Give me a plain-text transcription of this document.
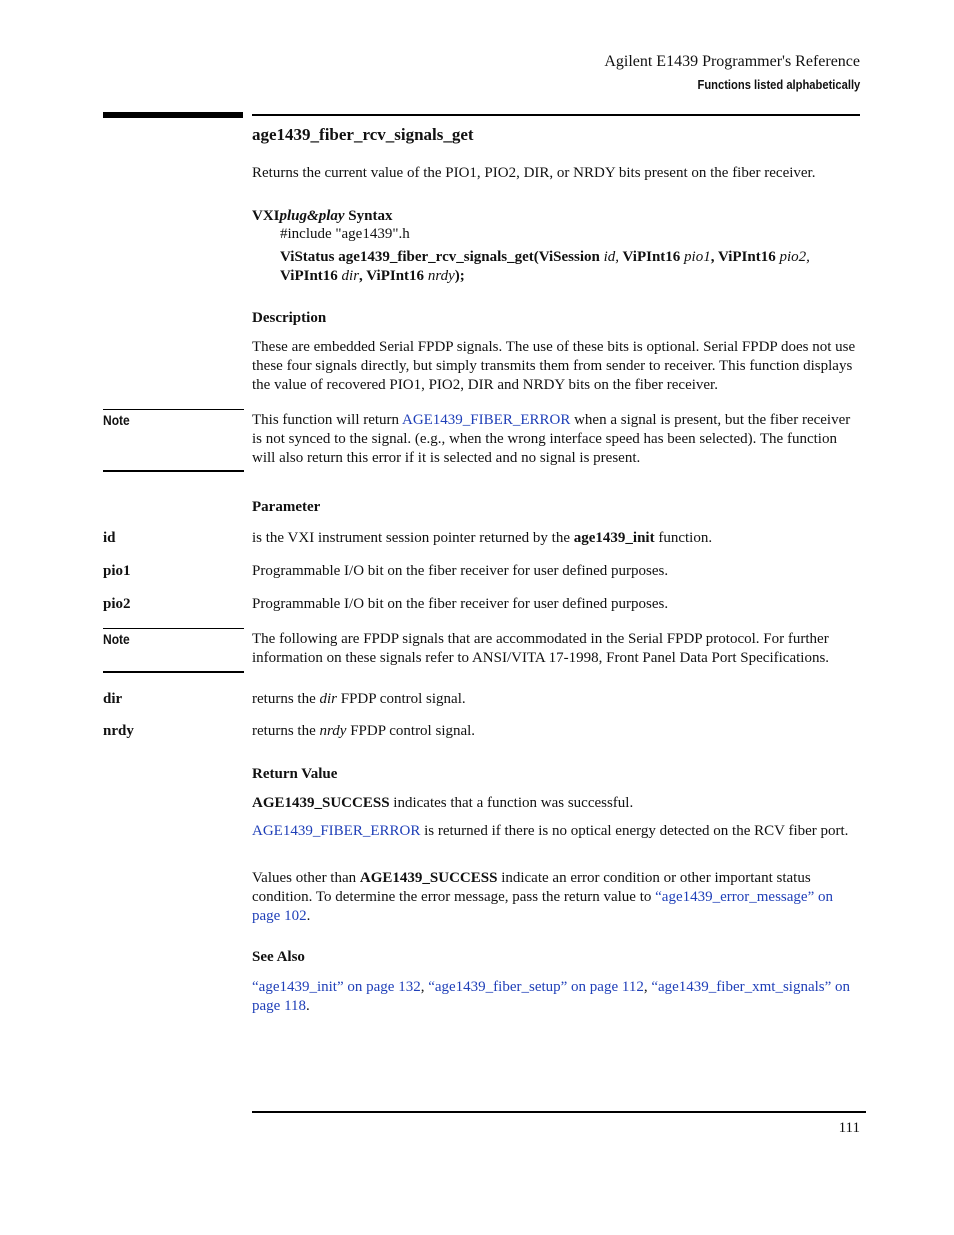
Agilent E1439 Programmer's Reference
Functions listed alphabetically
age1439_fiber_rcv_signals_get
Returns the current value of the PIO1, PIO2, DIR, or NRDY bits present on the fiber receiver.
VXIplug&play Syntax
#include "age1439".h
ViStatus age1439_fiber_rcv_signals_get(ViSession id, ViPInt16 pio1, ViPInt16 pio2,
ViPInt16 dir, ViPInt16 nrdy);
Description
These are embedded Serial FPDP signals. The use of these bits is optional. Serial FPDP does not use these four signals directly, but simply transmits them from sender to receiver. This function displays the value of recovered PIO1, PIO2, DIR and NRDY bits on the fiber receiver.
Note	This function will return AGE1439_FIBER_ERROR when a signal is present, but the fiber receiver is not synced to the signal. (e.g., when the wrong interface speed has been selected). The function will also return this error if it is selected and no signal is present.
Parameter
id	is the VXI instrument session pointer returned by the age1439_init function.
pio1	Programmable I/O bit on the fiber receiver for user defined purposes.
pio2	Programmable I/O bit on the fiber receiver for user defined purposes.
Note	The following are FPDP signals that are accommodated in the Serial FPDP protocol. For further information on these signals refer to ANSI/VITA 17-1998, Front Panel Data Port Specifications.
dir	returns the dir FPDP control signal.
nrdy	returns the nrdy FPDP control signal.
Return Value
AGE1439_SUCCESS indicates that a function was successful.
AGE1439_FIBER_ERROR is returned if there is no optical energy detected on the RCV fiber port.
Values other than AGE1439_SUCCESS indicate an error condition or other important status condition. To determine the error message, pass the return value to “age1439_error_message” on page 102.
See Also
“age1439_init” on page 132, “age1439_fiber_setup” on page 112, “age1439_fiber_xmt_signals” on page 118.
111
